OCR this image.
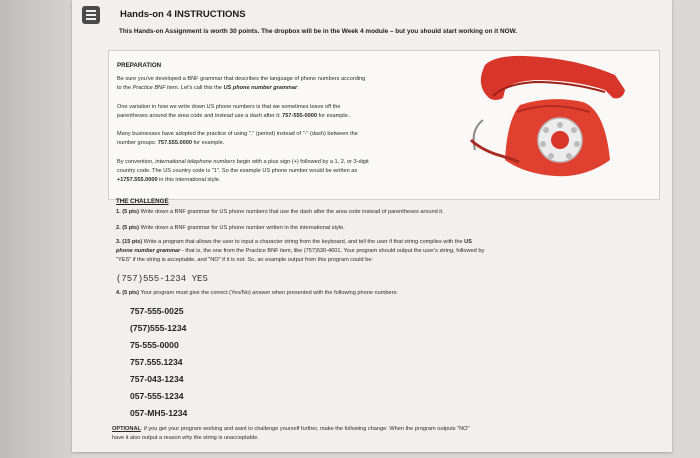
Hands-on 4 INSTRUCTIONS
This Hands-on Assignment is worth 30 points. The dropbox will be in the Week 4 module – but you should start working on it NOW.
PREPARATION
Be sure you've developed a BNF grammar that describes the language of phone numbers according
to the Practice BNF item. Let's call this the US phone number grammar.
One variation in how we write down US phone numbers is that we sometimes leave off the
parentheses around the area code and instead use a dash after it: 757-555-0000 for example..
Many businesses have adopted the practice of using "." (period) instead of "-" (dash) between the
number groups: 757.555.0000 for example.
By convention, international telephone numbers begin with a plus sign (+) followed by a 1, 2, or 3-digit
country code. The US country code is "1". So the example US phone number would be written as
+1757.555.0000 in this international style.
THE CHALLENGE
1. (5 pts) Write down a BNF grammar for US phone numbers that use the dash after the area code instead of parentheses around it.
2. (5 pts) Write down a BNF grammar for US phone number written in the international style.
3. (15 pts) Write a program that allows the user to input a character string from the keyboard, and tell the user if that string complies with the US
phone number grammar - that is, the one from the Practice BNF item, like (757)530-4601. Your program should output the user's string, followed by
"YES" if the string is acceptable, and "NO" if it is not. So, an example output from this program could be:
(757)555-1234 YES
4. (5 pts) Your program must give the correct (Yes/No) answer when presented with the following phone numbers:
757-555-0025
(757)555-1234
75-555-0000
757.555.1234
757-043-1234
057-555-1234
057-MH5-1234
OPTIONAL: if you get your program working and want to challenge yourself further, make the following change: When the program outputs "NO"
have it also output a reason why the string is unacceptable.
